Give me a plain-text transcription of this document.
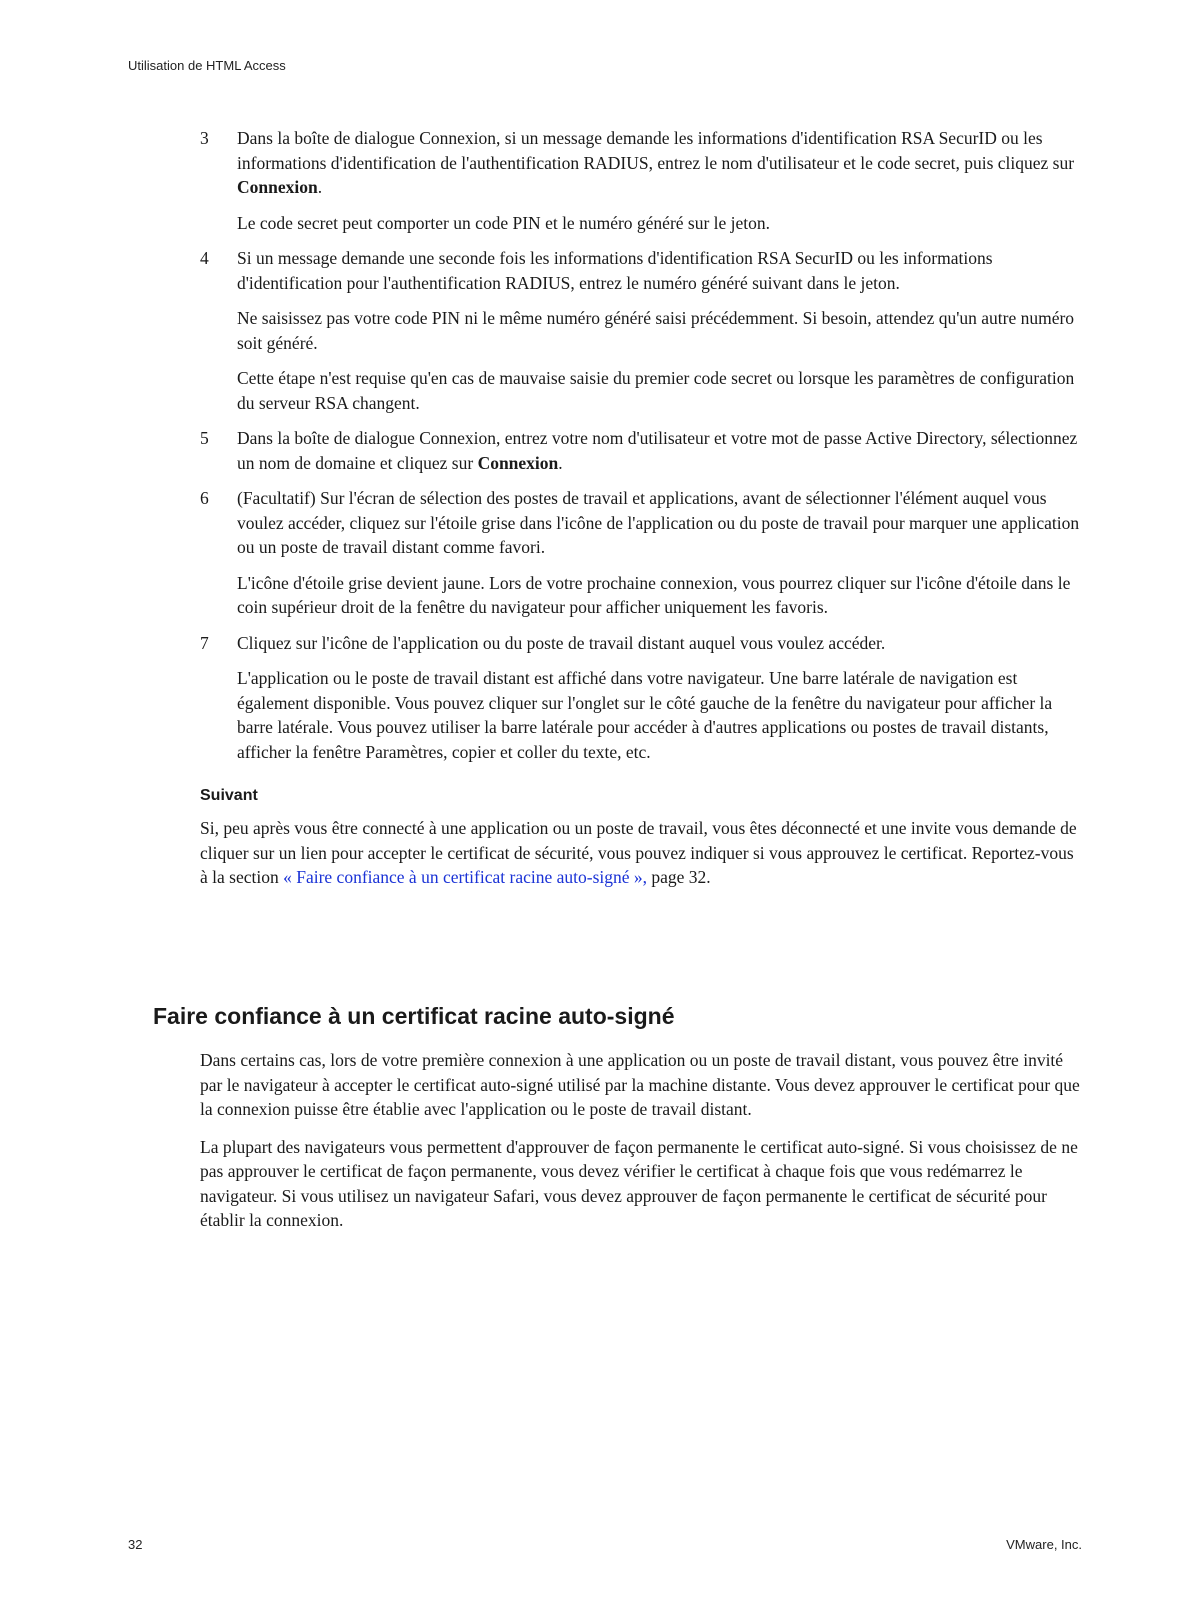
Utilisation de HTML Access
3 Dans la boîte de dialogue Connexion, si un message demande les informations d'identification RSA SecurID ou les informations d'identification de l'authentification RADIUS, entrez le nom d'utilisateur et le code secret, puis cliquez sur Connexion.

Le code secret peut comporter un code PIN et le numéro généré sur le jeton.

4 Si un message demande une seconde fois les informations d'identification RSA SecurID ou les informations d'identification pour l'authentification RADIUS, entrez le numéro généré suivant dans le jeton.

Ne saisissez pas votre code PIN ni le même numéro généré saisi précédemment. Si besoin, attendez qu'un autre numéro soit généré.

Cette étape n'est requise qu'en cas de mauvaise saisie du premier code secret ou lorsque les paramètres de configuration du serveur RSA changent.

5 Dans la boîte de dialogue Connexion, entrez votre nom d'utilisateur et votre mot de passe Active Directory, sélectionnez un nom de domaine et cliquez sur Connexion.

6 (Facultatif) Sur l'écran de sélection des postes de travail et applications, avant de sélectionner l'élément auquel vous voulez accéder, cliquez sur l'étoile grise dans l'icône de l'application ou du poste de travail pour marquer une application ou un poste de travail distant comme favori.

L'icône d'étoile grise devient jaune. Lors de votre prochaine connexion, vous pourrez cliquer sur l'icône d'étoile dans le coin supérieur droit de la fenêtre du navigateur pour afficher uniquement les favoris.

7 Cliquez sur l'icône de l'application ou du poste de travail distant auquel vous voulez accéder.

L'application ou le poste de travail distant est affiché dans votre navigateur. Une barre latérale de navigation est également disponible. Vous pouvez cliquer sur l'onglet sur le côté gauche de la fenêtre du navigateur pour afficher la barre latérale. Vous pouvez utiliser la barre latérale pour accéder à d'autres applications ou postes de travail distants, afficher la fenêtre Paramètres, copier et coller du texte, etc.

Suivant

Si, peu après vous être connecté à une application ou un poste de travail, vous êtes déconnecté et une invite vous demande de cliquer sur un lien pour accepter le certificat de sécurité, vous pouvez indiquer si vous approuvez le certificat. Reportez-vous à la section « Faire confiance à un certificat racine auto-signé », page 32.

Faire confiance à un certificat racine auto-signé

Dans certains cas, lors de votre première connexion à une application ou un poste de travail distant, vous pouvez être invité par le navigateur à accepter le certificat auto-signé utilisé par la machine distante. Vous devez approuver le certificat pour que la connexion puisse être établie avec l'application ou le poste de travail distant.

La plupart des navigateurs vous permettent d'approuver de façon permanente le certificat auto-signé. Si vous choisissez de ne pas approuver le certificat de façon permanente, vous devez vérifier le certificat à chaque fois que vous redémarrez le navigateur. Si vous utilisez un navigateur Safari, vous devez approuver de façon permanente le certificat de sécurité pour établir la connexion.

32	VMware, Inc.
